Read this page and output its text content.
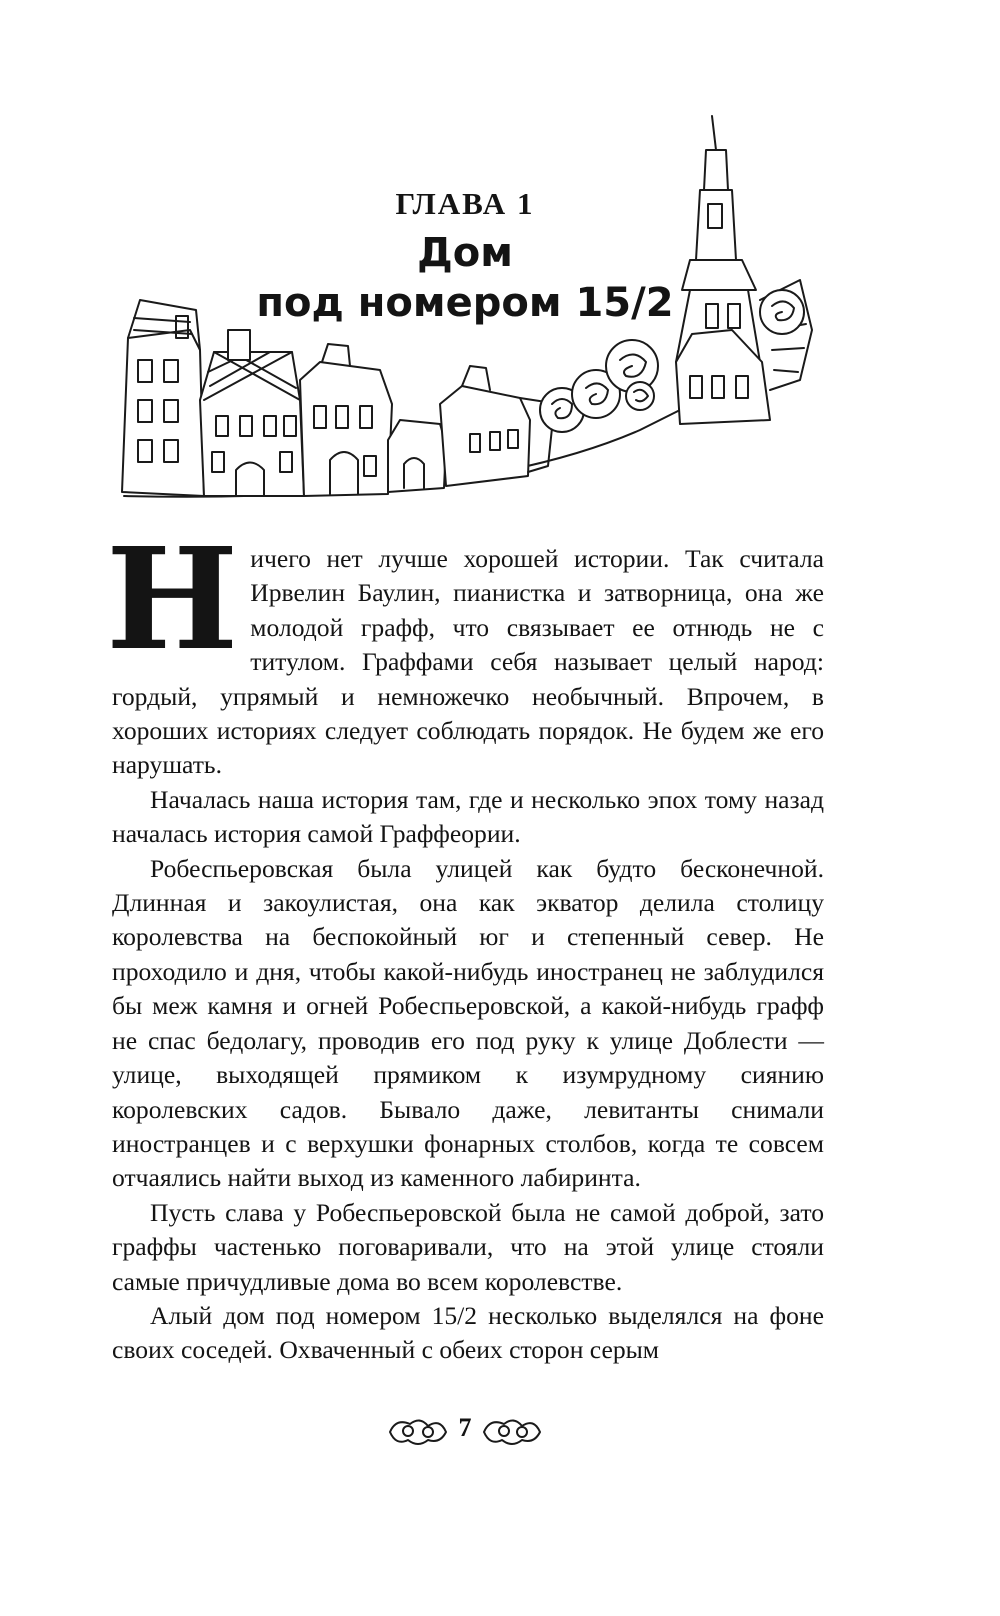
ГЛАВА 1
Дом
под номером 15/2

Ничего нет лучше хорошей истории. Так считала Ирвелин Баулин, пианистка и затворница, она же молодой графф, что связывает ее отнюдь не с титулом. Граффами себя называет целый народ: гордый, упрямый и немножечко необычный. Впрочем, в хороших историях следует соблюдать порядок. Не будем же его нарушать.

Началась наша история там, где и несколько эпох тому назад началась история самой Граффеории.

Робеспьеровская была улицей как будто бесконечной. Длинная и закоулистая, она как экватор делила столицу королевства на беспокойный юг и степенный север. Не проходило и дня, чтобы какой-нибудь иностранец не заблудился бы меж камня и огней Робеспьеровской, а какой-нибудь графф не спас бедолагу, проводив его под руку к улице Доблести — улице, выходящей прямиком к изумрудному сиянию королевских садов. Бывало даже, левитанты снимали иностранцев и с верхушки фонарных столбов, когда те совсем отчаялись найти выход из каменного лабиринта.

Пусть слава у Робеспьеровской была не самой доброй, зато граффы частенько поговаривали, что на этой улице стояли самые причудливые дома во всем королевстве.

Алый дом под номером 15/2 несколько выделялся на фоне своих соседей. Охваченный с обеих сторон серым

7
